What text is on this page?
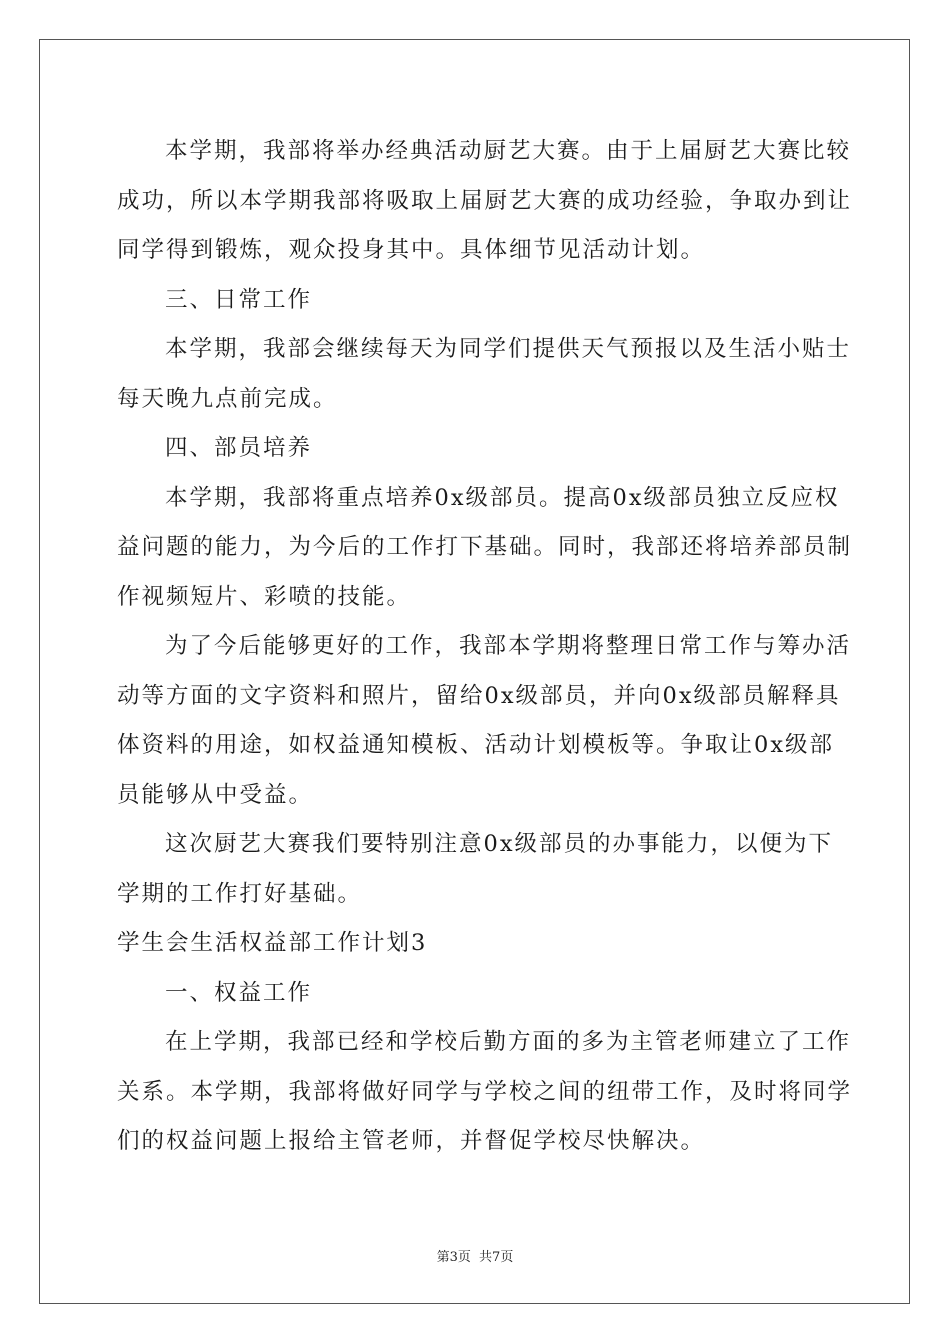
本学期，我部将举办经典活动厨艺大赛。由于上届厨艺大赛比较
成功，所以本学期我部将吸取上届厨艺大赛的成功经验，争取办到让
同学得到锻炼，观众投身其中。具体细节见活动计划。
三、日常工作
本学期，我部会继续每天为同学们提供天气预报以及生活小贴士
每天晚九点前完成。
四、部员培养
本学期，我部将重点培养0x级部员。提高0x级部员独立反应权
益问题的能力，为今后的工作打下基础。同时，我部还将培养部员制
作视频短片、彩喷的技能。
为了今后能够更好的工作，我部本学期将整理日常工作与筹办活
动等方面的文字资料和照片，留给0x级部员，并向0x级部员解释具
体资料的用途，如权益通知模板、活动计划模板等。争取让0x级部
员能够从中受益。
这次厨艺大赛我们要特别注意0x级部员的办事能力，以便为下
学期的工作打好基础。
学生会生活权益部工作计划3
一、权益工作
在上学期，我部已经和学校后勤方面的多为主管老师建立了工作
关系。本学期，我部将做好同学与学校之间的纽带工作，及时将同学
们的权益问题上报给主管老师，并督促学校尽快解决。
第3页 共7页
